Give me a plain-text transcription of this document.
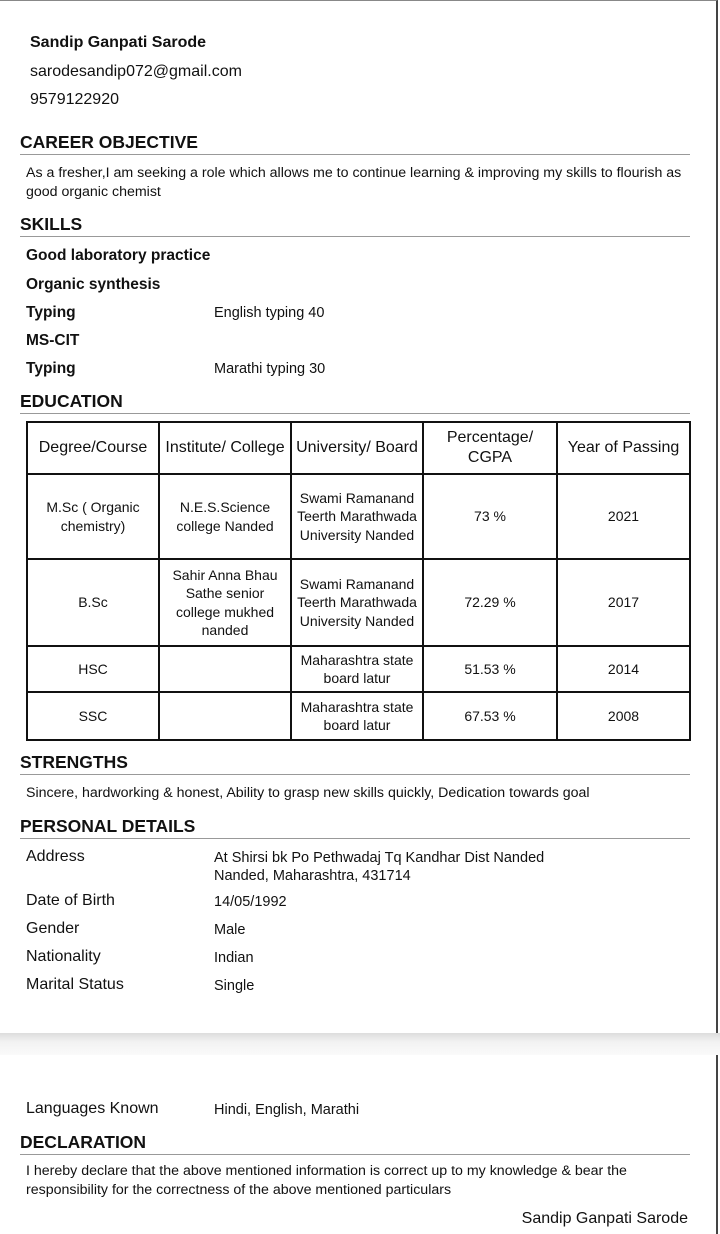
Sandip Ganpati Sarode
sarodesandip072@gmail.com
9579122920
CAREER OBJECTIVE
As a fresher,I am seeking a role which allows me to continue learning & improving my skills to flourish as good organic chemist
SKILLS
Good laboratory practice
Organic synthesis
Typing	English typing 40
MS-CIT
Typing	Marathi typing 30
EDUCATION
Degree/Course	Institute/ College	University/ Board	Percentage/ CGPA	Year of Passing
M.Sc ( Organic chemistry)	N.E.S.Science college Nanded	Swami Ramanand Teerth Marathwada University Nanded	73 %	2021
B.Sc	Sahir Anna Bhau Sathe senior college mukhed nanded	Swami Ramanand Teerth Marathwada University Nanded	72.29 %	2017
HSC		Maharashtra state board latur	51.53 %	2014
SSC		Maharashtra state board latur	67.53 %	2008
STRENGTHS
Sincere, hardworking & honest, Ability to grasp new skills quickly, Dedication towards goal
PERSONAL DETAILS
Address	At Shirsi bk Po Pethwadaj Tq Kandhar Dist Nanded
Nanded, Maharashtra, 431714
Date of Birth	14/05/1992
Gender	Male
Nationality	Indian
Marital Status	Single
Languages Known	Hindi, English, Marathi
DECLARATION
I hereby declare that the above mentioned information is correct up to my knowledge & bear the responsibility for the correctness of the above mentioned particulars
Sandip Ganpati Sarode
